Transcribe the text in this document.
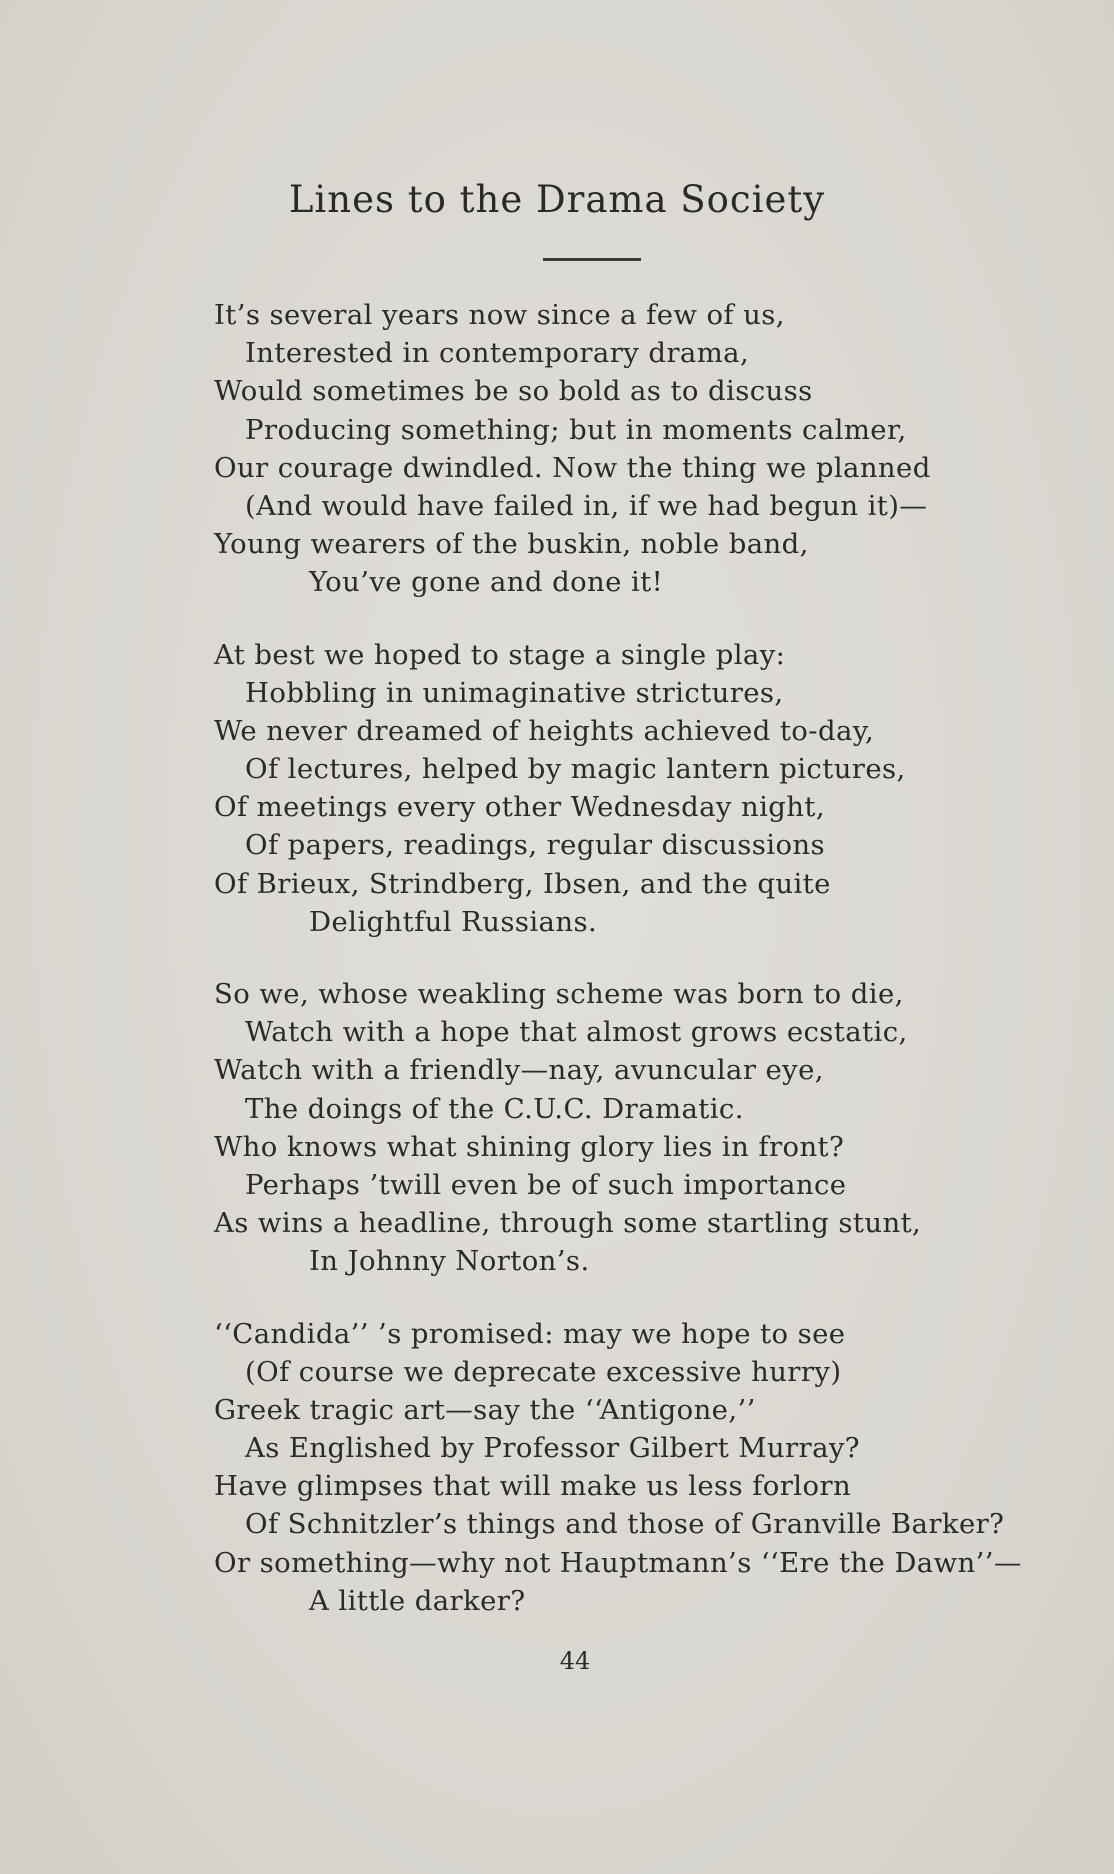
Lines to the Drama Society
It’s several years now since a few of us,
Interested in contemporary drama,
Would sometimes be so bold as to discuss
Producing something; but in moments calmer,
Our courage dwindled. Now the thing we planned
(And would have failed in, if we had begun it)—
Young wearers of the buskin, noble band,
You’ve gone and done it!
At best we hoped to stage a single play:
Hobbling in unimaginative strictures,
We never dreamed of heights achieved to-day,
Of lectures, helped by magic lantern pictures,
Of meetings every other Wednesday night,
Of papers, readings, regular discussions
Of Brieux, Strindberg, Ibsen, and the quite
Delightful Russians.
So we, whose weakling scheme was born to die,
Watch with a hope that almost grows ecstatic,
Watch with a friendly—nay, avuncular eye,
The doings of the C.U.C. Dramatic.
Who knows what shining glory lies in front?
Perhaps ’twill even be of such importance
As wins a headline, through some startling stunt,
In Johnny Norton’s.
‘‘Candida’’ ’s promised: may we hope to see
(Of course we deprecate excessive hurry)
Greek tragic art—say the ‘‘Antigone,’’
As Englished by Professor Gilbert Murray?
Have glimpses that will make us less forlorn
Of Schnitzler’s things and those of Granville Barker?
Or something—why not Hauptmann’s ‘‘Ere the Dawn’’—
A little darker?
44
